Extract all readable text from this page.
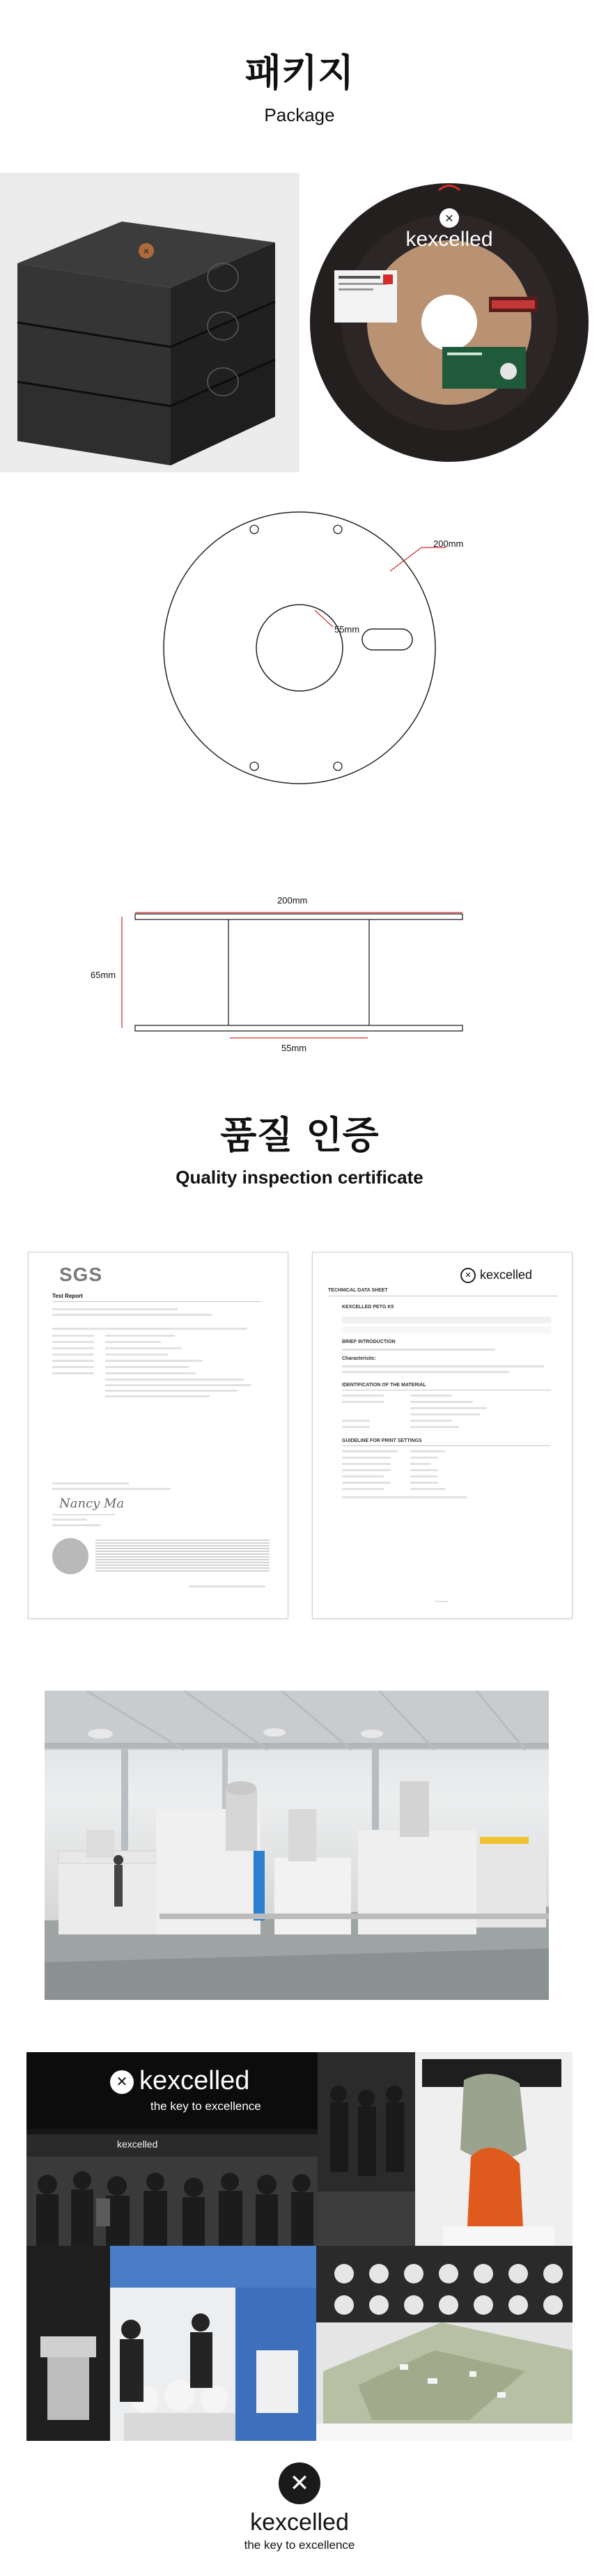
패키지
Package
✕
✕
kexcelled
200mm
55mm
200mm
65mm
55mm
품질 인증
Quality inspection certificate
SGS
Test Report
Nancy Ma
✕ kexcelled
TECHNICAL DATA SHEET
KEXCELLED PETG K5
BRIEF INTRODUCTION
Characteristic:
IDENTIFICATION OF THE MATERIAL
GUIDELINE FOR PRINT SETTINGS
✕ kexcelled
the key to excellence
kexcelled
✕
kexcelled
the key to excellence
